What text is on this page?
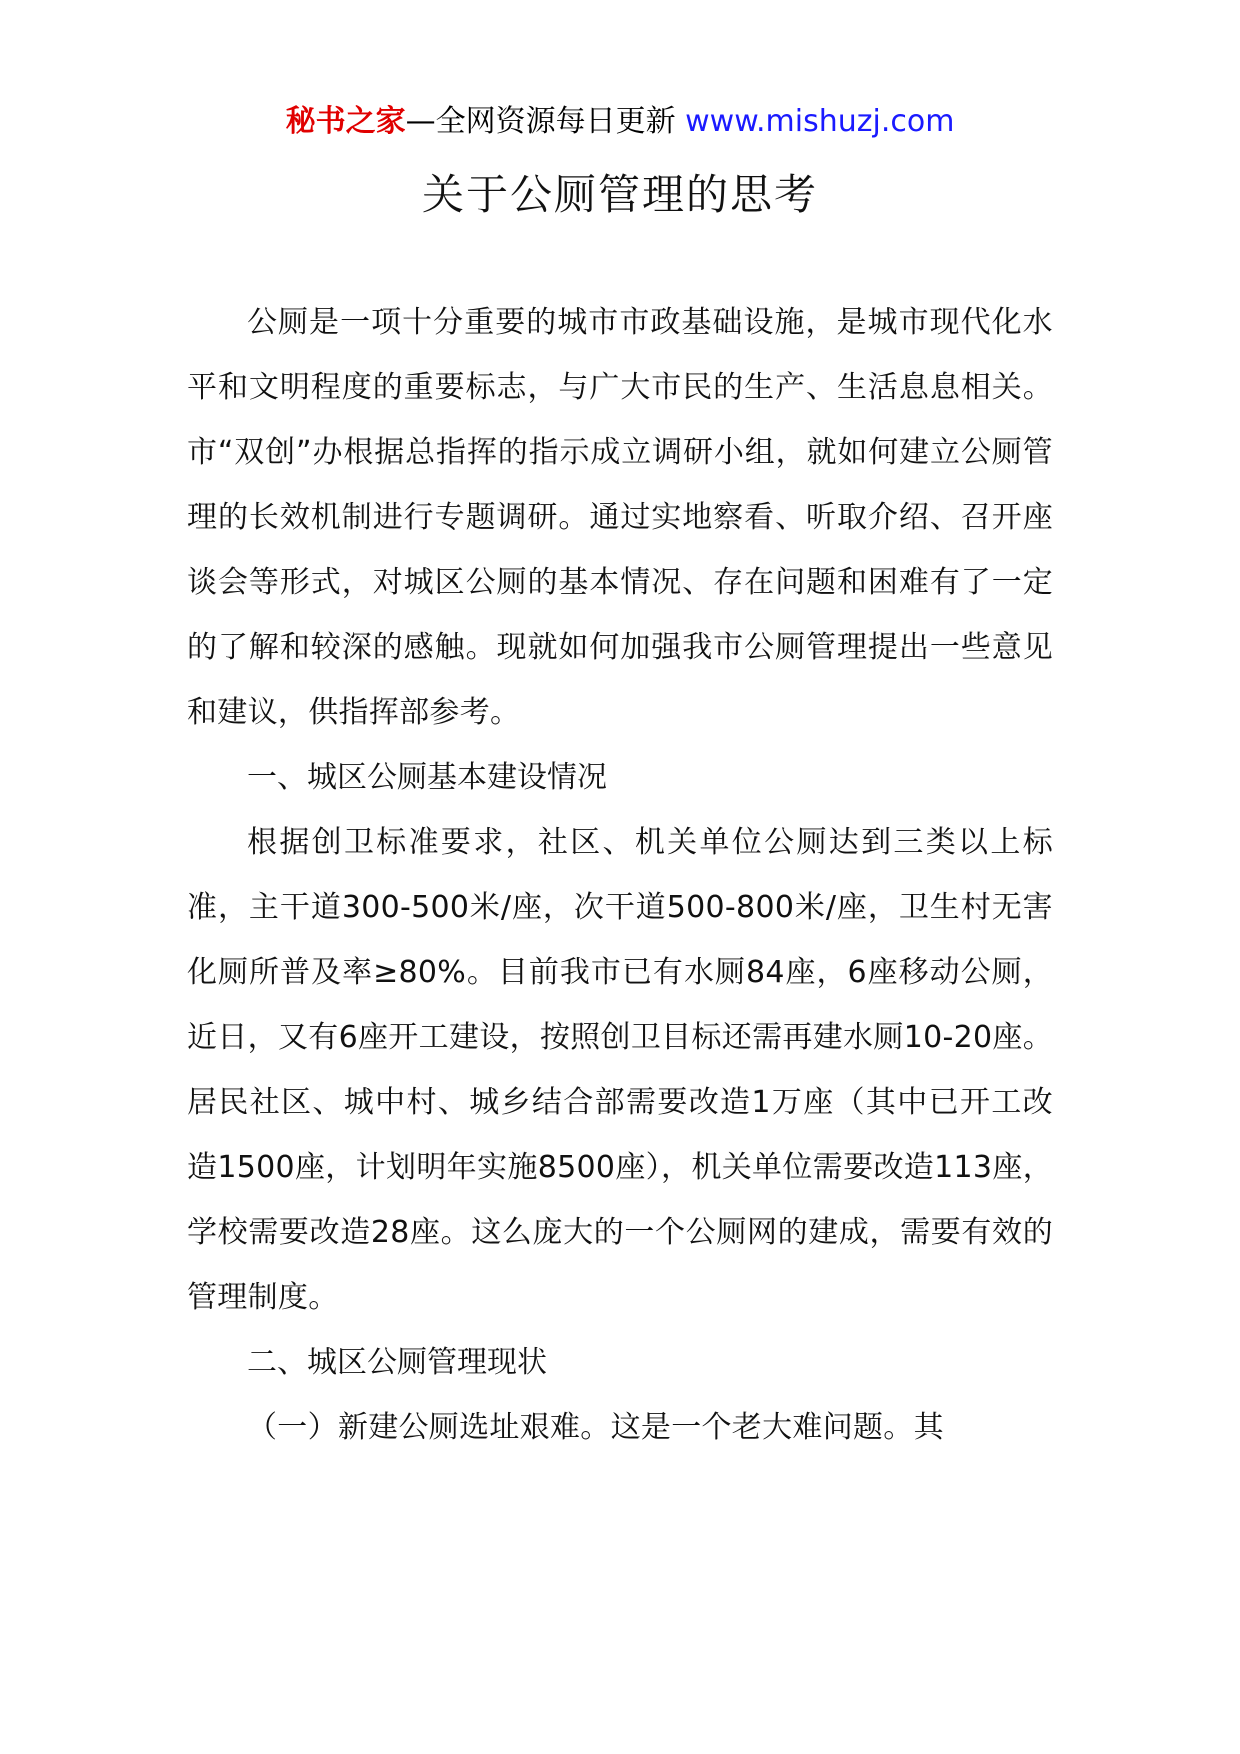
秘书之家—全网资源每日更新 www.mishuzj.com
关于公厕管理的思考

公厕是一项十分重要的城市市政基础设施，是城市现代化水平和文明程度的重要标志，与广大市民的生产、生活息息相关。市“双创”办根据总指挥的指示成立调研小组，就如何建立公厕管理的长效机制进行专题调研。通过实地察看、听取介绍、召开座谈会等形式，对城区公厕的基本情况、存在问题和困难有了一定的了解和较深的感触。现就如何加强我市公厕管理提出一些意见和建议，供指挥部参考。

一、城区公厕基本建设情况

根据创卫标准要求，社区、机关单位公厕达到三类以上标准，主干道300-500米/座，次干道500-800米/座，卫生村无害化厕所普及率≥80%。目前我市已有水厕84座，6座移动公厕，近日，又有6座开工建设，按照创卫目标还需再建水厕10-20座。居民社区、城中村、城乡结合部需要改造1万座（其中已开工改造1500座，计划明年实施8500座），机关单位需要改造113座，学校需要改造28座。这么庞大的一个公厕网的建成，需要有效的管理制度。

二、城区公厕管理现状

（一）新建公厕选址艰难。这是一个老大难问题。其
